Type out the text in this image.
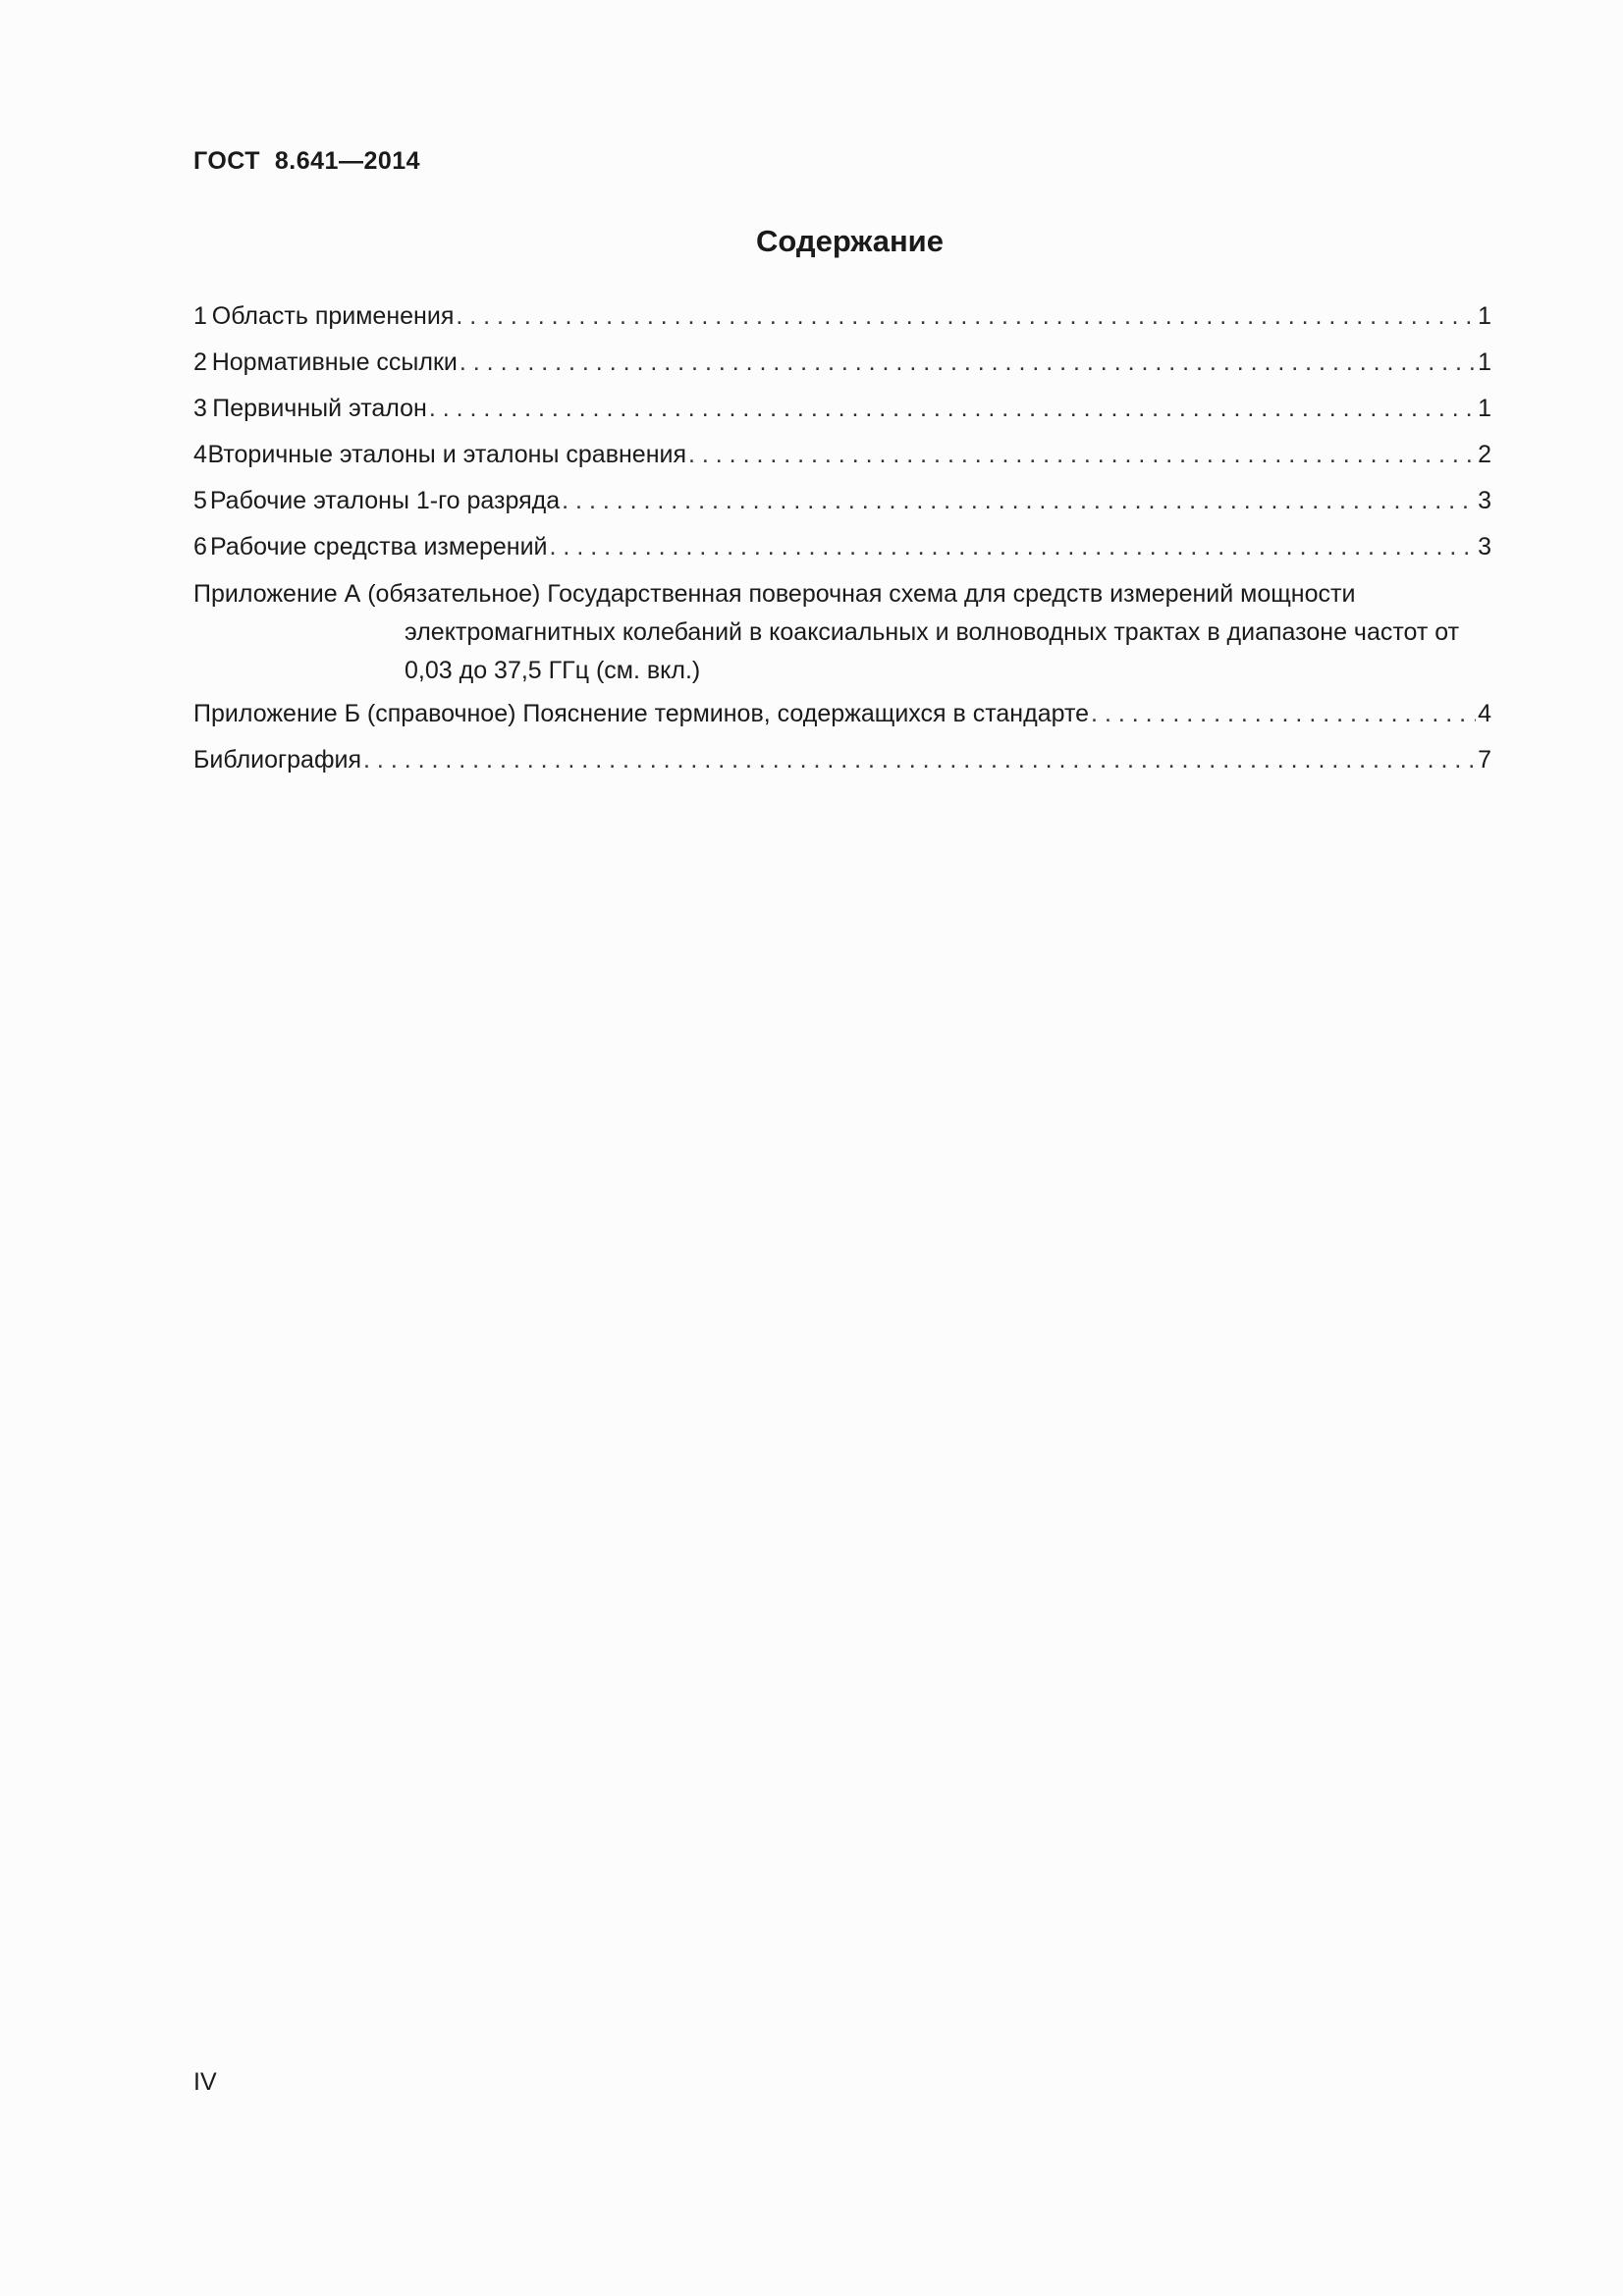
ГОСТ  8.641—2014
Содержание
1 Область применения . . .	1
2 Нормативные ссылки . . .	1
3 Первичный эталон . . .	1
4 Вторичные эталоны и эталоны сравнения . . .	2
5 Рабочие эталоны 1-го разряда . . .	3
6 Рабочие средства измерений . . .	3
Приложение А (обязательное) Государственная поверочная схема для средств измерений мощности
электромагнитных колебаний в коаксиальных и волноводных трактах в диапазоне частот от 0,03 до 37,5 ГГц (см. вкл.)
Приложение Б (справочное) Пояснение терминов, содержащихся в стандарте . . .	4
Библиография . . .	7
IV
